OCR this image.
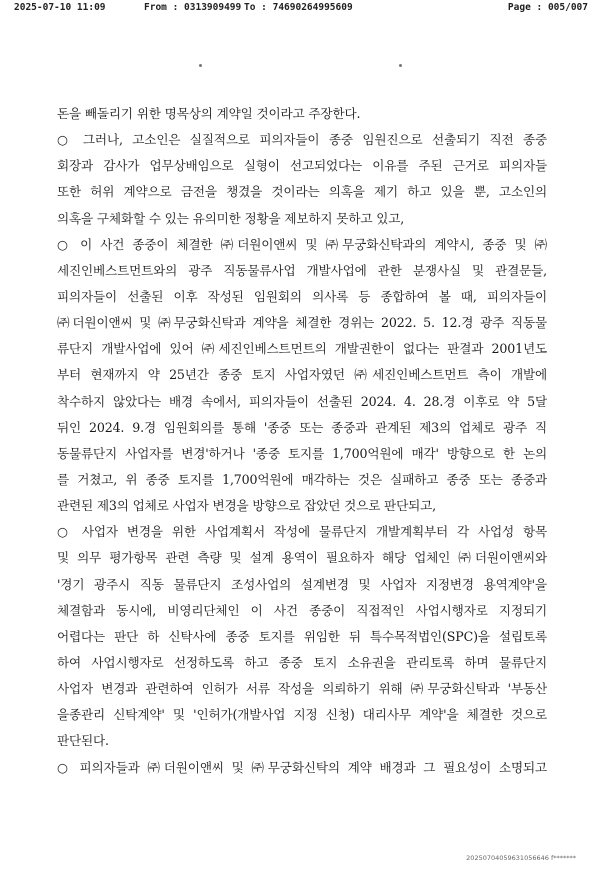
2025-07-10 11:09	From : 0313909499 To : 74690264995609	Page : 005/007
돈을 빼돌리기 위한 명목상의 계약일 것이라고 주장한다.
○ 그러나, 고소인은 실질적으로 피의자들이 종중 임원진으로 선출되기 직전 종중
회장과 감사가 업무상배임으로 실형이 선고되었다는 이유를 주된 근거로 피의자들
또한 허위 계약으로 금전을 챙겼을 것이라는 의혹을 제기 하고 있을 뿐, 고소인의
의혹을 구체화할 수 있는 유의미한 정황을 제보하지 못하고 있고,
○ 이 사건 종중이 체결한 ㈜더원이앤씨 및 ㈜무궁화신탁과의 계약시, 종중 및 ㈜
세진인베스트먼트와의 광주 직동물류사업 개발사업에 관한 분쟁사실 및 관결문들,
피의자들이 선출된 이후 작성된 임원회의 의사록 등 종합하여 볼 때, 피의자들이
㈜더원이앤씨 및 ㈜무궁화신탁과 계약을 체결한 경위는 2022. 5. 12.경 광주 직동물
류단지 개발사업에 있어 ㈜세진인베스트먼트의 개발권한이 없다는 판결과 2001년도
부터 현재까지 약 25년간 종중 토지 사업자였던 ㈜세진인베스트먼트 측이 개발에
착수하지 않았다는 배경 속에서, 피의자들이 선출된 2024. 4. 28.경 이후로 약 5달
뒤인 2024. 9.경 임원회의를 통해 '종중 또는 종중과 관계된 제3의 업체로 광주 직
동물류단지 사업자를 변경'하거나 '종중 토지를 1,700억원에 매각' 방향으로 한 논의
를 거쳤고, 위 종중 토지를 1,700억원에 매각하는 것은 실패하고 종중 또는 종중과
관련된 제3의 업체로 사업자 변경을 방향으로 잡았던 것으로 판단되고,
○ 사업자 변경을 위한 사업계획서 작성에 물류단지 개발계획부터 각 사업성 항목
및 의무 평가항목 관련 측량 및 설계 용역이 필요하자 해당 업체인 ㈜더원이앤씨와
'경기 광주시 직동 물류단지 조성사업의 설계변경 및 사업자 지정변경 용역계약'을
체결함과 동시에, 비영리단체인 이 사건 종중이 직접적인 사업시행자로 지정되기
어렵다는 판단 하 신탁사에 종중 토지를 위임한 뒤 특수목적법인(SPC)을 설립토록
하여 사업시행자로 선정하도록 하고 종중 토지 소유권을 관리토록 하며 물류단지
사업자 변경과 관련하여 인허가 서류 작성을 의뢰하기 위해 ㈜무궁화신탁과 '부동산
을종관리 신탁계약' 및 '인허가(개발사업 지정 신청) 대리사무 계약'을 체결한 것으로
판단된다.
○ 피의자들과 ㈜더원이앤씨 및 ㈜무궁화신탁의 계약 배경과 그 필요성이 소명되고
20250704059631056646 f*******
